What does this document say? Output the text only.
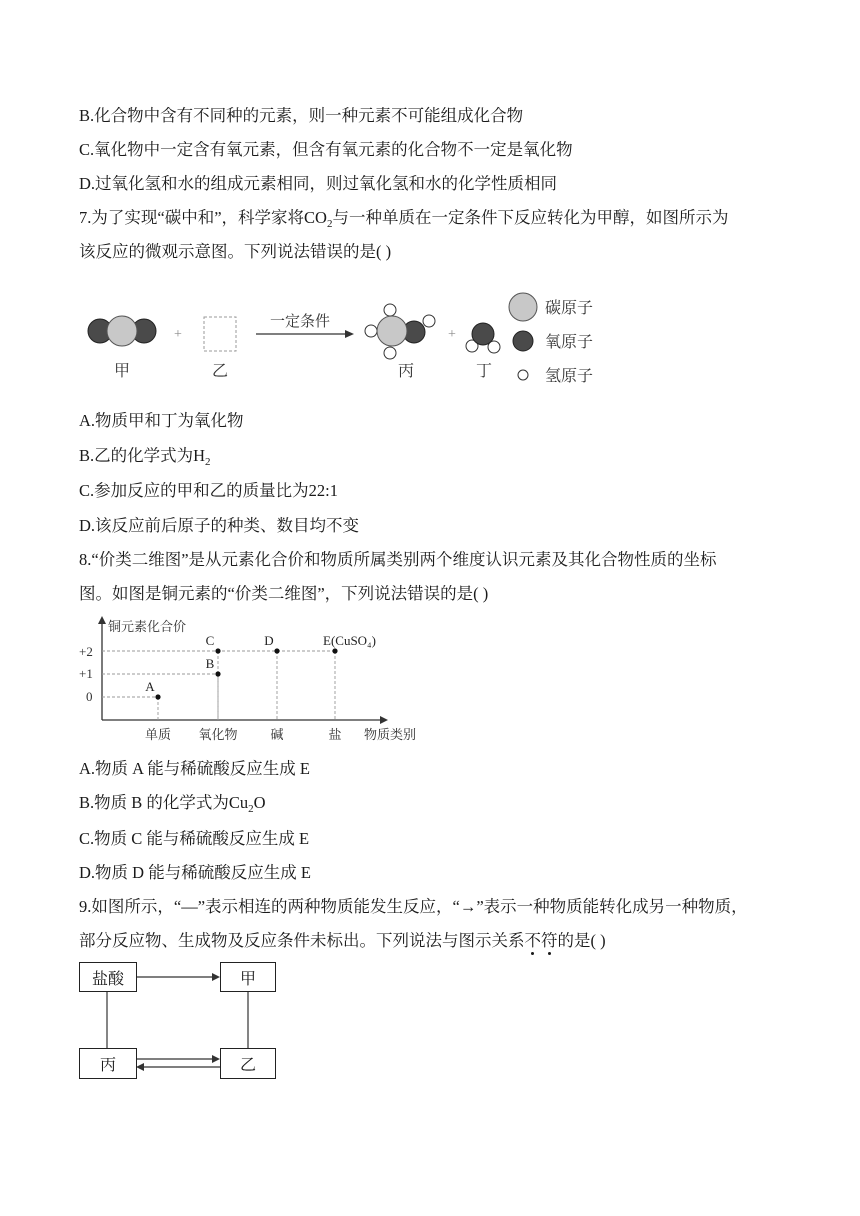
B.化合物中含有不同种的元素，则一种元素不可能组成化合物
C.氧化物中一定含有氧元素，但含有氧元素的化合物不一定是氧化物
D.过氧化氢和水的组成元素相同，则过氧化氢和水的化学性质相同
7.为了实现“碳中和”，科学家将$CO_2$与一种单质在一定条件下反应转化为甲醇，如图所示为
该反应的微观示意图。下列说法错误的是( )
甲
+
乙
一定条件
丙
+
丁
碳原子
氧原子
氢原子
A.物质甲和丁为氧化物
B.乙的化学式为$H_2$
C.参加反应的甲和乙的质量比为22:1
D.该反应前后原子的种类、数目均不变
8.“价类二维图”是从元素化合价和物质所属类别两个维度认识元素及其化合物性质的坐标
图。如图是铜元素的“价类二维图”，下列说法错误的是( )
铜元素化合价
物质类别
+2
+1
0
单质 氧化物	碱	盐
A
B
C	D	E(CuSO₄)
A.物质 A 能与稀硫酸反应生成 E
B.物质 B 的化学式为$Cu_2O$
C.物质 C 能与稀硫酸反应生成 E
D.物质 D 能与稀硫酸反应生成 E
9.如图所示，“—”表示相连的两种物质能发生反应，“→”表示一种物质能转化成另一种物质，
部分反应物、生成物及反应条件未标出。下列说法与图示关系不符的是( )
盐酸	甲
丙	乙
